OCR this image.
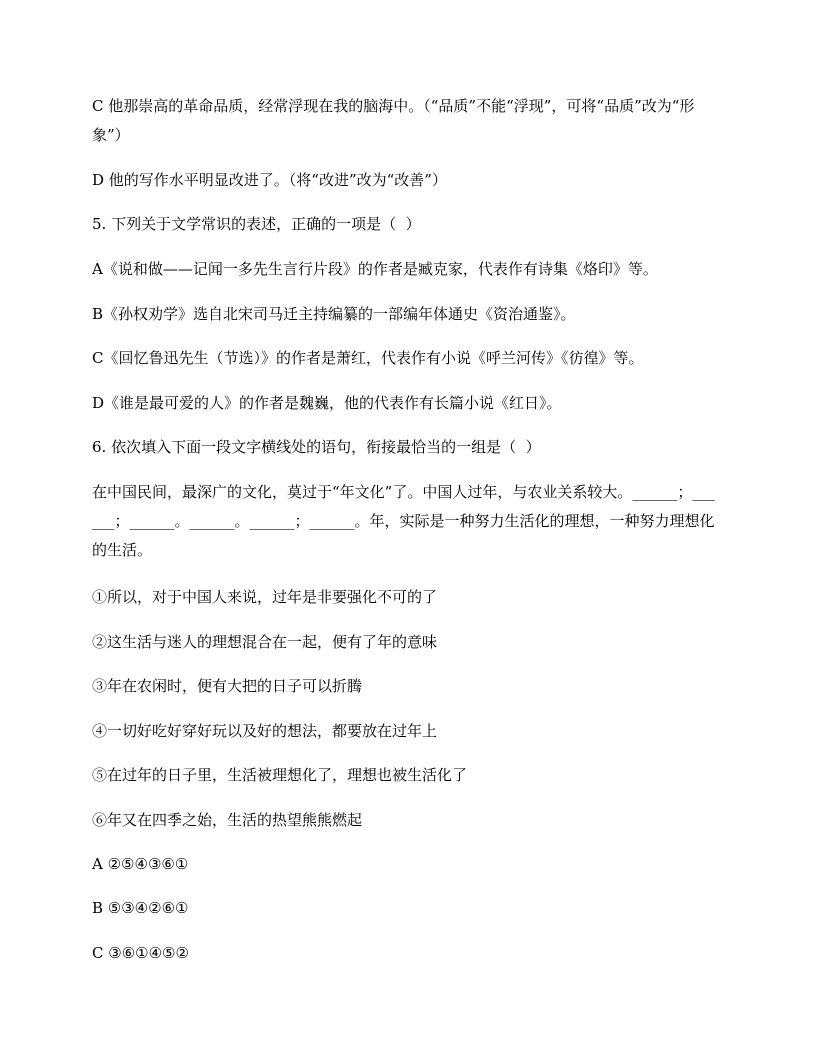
C 他那崇高的革命品质，经常浮现在我的脑海中。（“品质”不能“浮现”，可将“品质”改为“形象”）
D 他的写作水平明显改进了。（将“改进”改为“改善”）
5. 下列关于文学常识的表述，正确的一项是（  ）
A《说和做——记闻一多先生言行片段》的作者是臧克家，代表作有诗集《烙印》等。
B《孙权劝学》选自北宋司马迁主持编纂的一部编年体通史《资治通鉴》。
C《回忆鲁迅先生（节选）》的作者是萧红，代表作有小说《呼兰河传》《彷徨》等。
D《谁是最可爱的人》的作者是魏巍，他的代表作有长篇小说《红日》。
6. 依次填入下面一段文字横线处的语句，衔接最恰当的一组是（  ）
在中国民间，最深广的文化，莫过于“年文化”了。中国人过年，与农业关系较大。______；______；______。______。______；______。年，实际是一种努力生活化的理想，一种努力理想化的生活。
①所以，对于中国人来说，过年是非要强化不可的了
②这生活与迷人的理想混合在一起，便有了年的意味
③年在农闲时，便有大把的日子可以折腾
④一切好吃好穿好玩以及好的想法，都要放在过年上
⑤在过年的日子里，生活被理想化了，理想也被生活化了
⑥年又在四季之始，生活的热望熊熊燃起
A ②⑤④③⑥①
B ⑤③④②⑥①
C ③⑥①④⑤②
